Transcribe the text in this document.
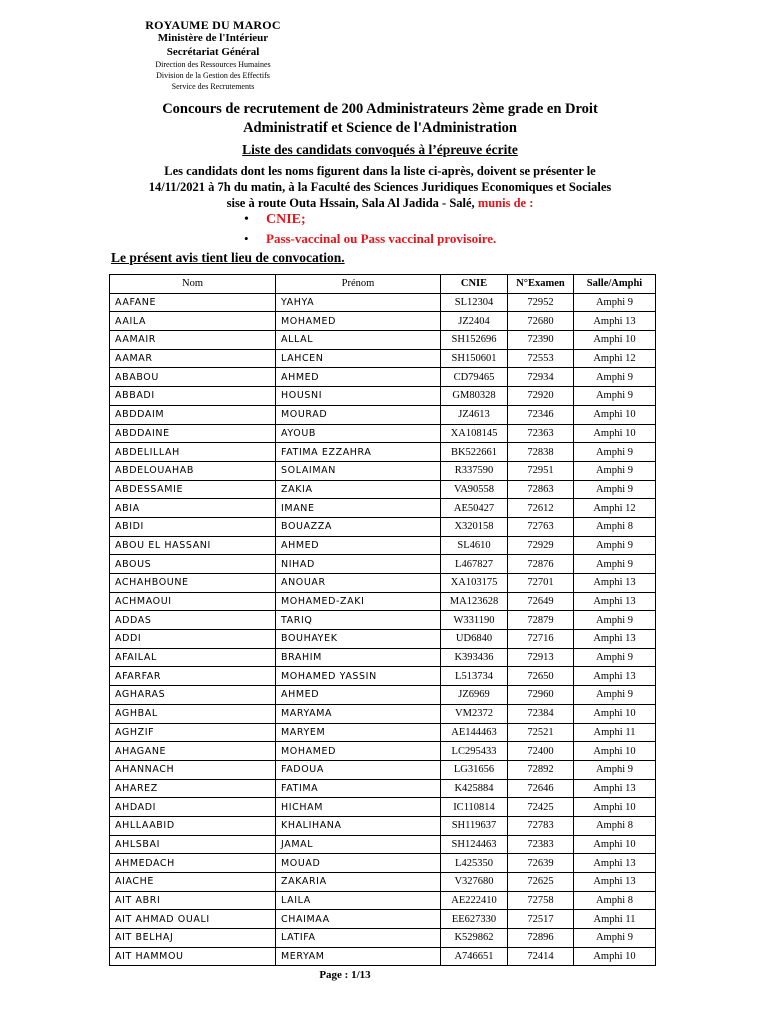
ROYAUME DU MAROC
Ministère de l'Intérieur
Secrétariat Général
Direction des Ressources Humaines
Division de la Gestion des Effectifs
Service des Recrutements
Concours de recrutement de 200 Administrateurs 2ème grade en Droit
Administratif et Science de l'Administration
Liste des candidats convoqués à l’épreuve écrite
Les candidats dont les noms figurent dans la liste ci-après, doivent se présenter le
14/11/2021 à 7h du matin, à la Faculté des Sciences Juridiques Economiques et Sociales
sise à route Outa Hssain, Sala Al Jadida - Salé, munis de :
• CNIE;
• Pass-vaccinal ou Pass vaccinal provisoire.
Le présent avis tient lieu de convocation.
Nom	Prénom	CNIE	N°Examen	Salle/Amphi
AAFANE	YAHYA	SL12304	72952	Amphi 9
AAILA	MOHAMED	JZ2404	72680	Amphi 13
AAMAIR	ALLAL	SH152696	72390	Amphi 10
AAMAR	LAHCEN	SH150601	72553	Amphi 12
ABABOU	AHMED	CD79465	72934	Amphi 9
ABBADI	HOUSNI	GM80328	72920	Amphi 9
ABDDAIM	MOURAD	JZ4613	72346	Amphi 10
ABDDAINE	AYOUB	XA108145	72363	Amphi 10
ABDELILLAH	FATIMA EZZAHRA	BK522661	72838	Amphi 9
ABDELOUAHAB	SOLAIMAN	R337590	72951	Amphi 9
ABDESSAMIE	ZAKIA	VA90558	72863	Amphi 9
ABIA	IMANE	AE50427	72612	Amphi 12
ABIDI	BOUAZZA	X320158	72763	Amphi 8
ABOU EL HASSANI	AHMED	SL4610	72929	Amphi 9
ABOUS	NIHAD	L467827	72876	Amphi 9
ACHAHBOUNE	ANOUAR	XA103175	72701	Amphi 13
ACHMAOUI	MOHAMED-ZAKI	MA123628	72649	Amphi 13
ADDAS	TARIQ	W331190	72879	Amphi 9
ADDI	BOUHAYEK	UD6840	72716	Amphi 13
AFAILAL	BRAHIM	K393436	72913	Amphi 9
AFARFAR	MOHAMED YASSIN	L513734	72650	Amphi 13
AGHARAS	AHMED	JZ6969	72960	Amphi 9
AGHBAL	MARYAMA	VM2372	72384	Amphi 10
AGHZIF	MARYEM	AE144463	72521	Amphi 11
AHAGANE	MOHAMED	LC295433	72400	Amphi 10
AHANNACH	FADOUA	LG31656	72892	Amphi 9
AHAREZ	FATIMA	K425884	72646	Amphi 13
AHDADI	HICHAM	IC110814	72425	Amphi 10
AHLLAABID	KHALIHANA	SH119637	72783	Amphi 8
AHLSBAI	JAMAL	SH124463	72383	Amphi 10
AHMEDACH	MOUAD	L425350	72639	Amphi 13
AIACHE	ZAKARIA	V327680	72625	Amphi 13
AIT ABRI	LAILA	AE222410	72758	Amphi 8
AIT AHMAD OUALI	CHAIMAA	EE627330	72517	Amphi 11
AIT BELHAJ	LATIFA	K529862	72896	Amphi 9
AIT HAMMOU	MERYAM	A746651	72414	Amphi 10
Page : 1/13
